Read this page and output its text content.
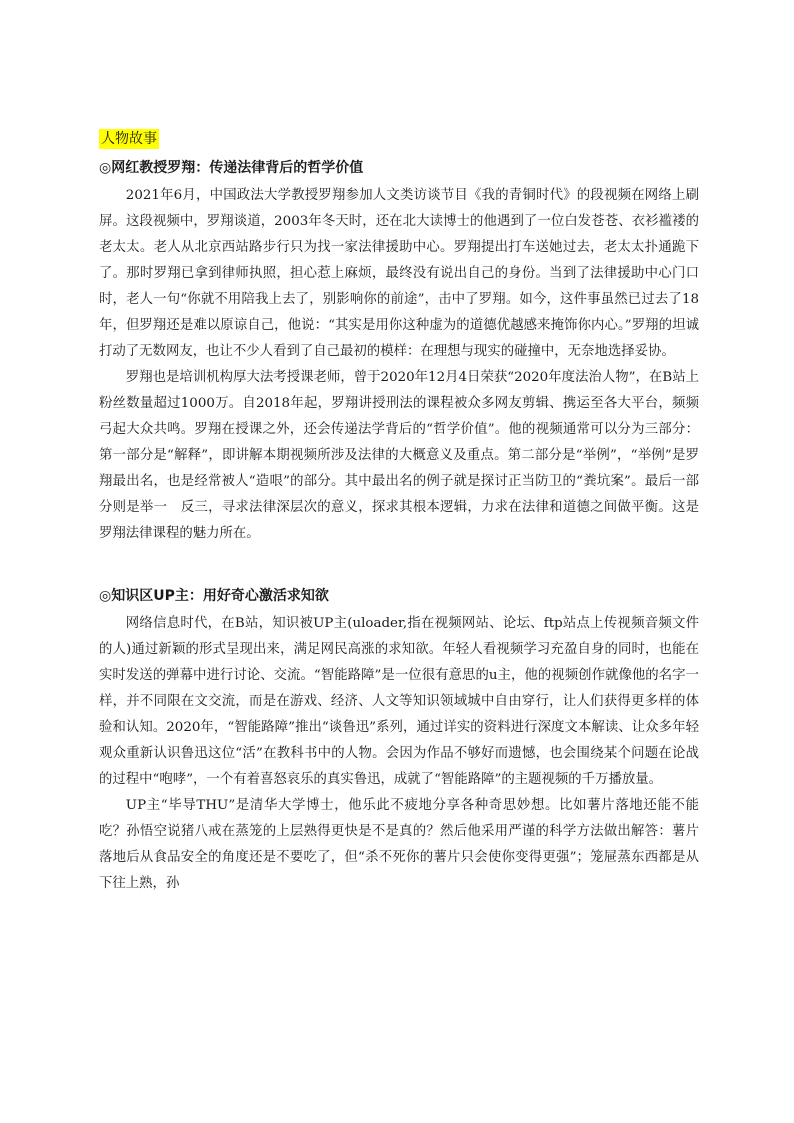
人物故事
◎网红教授罗翔：传递法律背后的哲学价值

2021年6月，中国政法大学教授罗翔参加人文类访谈节目《我的青铜时代》的段视频在网络上刷屏。这段视频中，罗翔谈道，2003年冬天时，还在北大读博士的他遇到了一位白发苍苍、衣衫褴褛的老太太。老人从北京西站路步行只为找一家法律援助中心。罗翔提出打车送她过去，老太太扑通跪下了。那时罗翔已拿到律师执照，担心惹上麻烦，最终没有说出自己的身份。当到了法律援助中心门口时，老人一句“你就不用陪我上去了，别影响你的前途”，击中了罗翔。如今，这件事虽然已过去了18年，但罗翔还是难以原谅自己，他说：“其实是用你这种虚为的道德优越感来掩饰你内心。”罗翔的坦诚打动了无数网友，也让不少人看到了自己最初的模样：在理想与现实的碰撞中，无奈地选择妥协。

罗翔也是培训机构厚大法考授课老师，曾于2020年12月4日荣获“2020年度法治人物”，在B站上粉丝数量超过1000万。自2018年起，罗翔讲授刑法的课程被众多网友剪辑、携运至各大平台，频频弓起大众共鸣。罗翔在授课之外，还会传递法学背后的“哲学价值”。他的视频通常可以分为三部分：第一部分是“解释”，即讲解本期视频所涉及法律的大概意义及重点。第二部分是“举例”，“举例”是罗翔最出名，也是经常被人“造哏”的部分。其中最出名的例子就是探讨正当防卫的“粪坑案”。最后一部分则是举一　反三，寻求法律深层次的意义，探求其根本逻辑，力求在法律和道德之间做平衡。这是罗翔法律课程的魅力所在。

◎知识区UP主：用好奇心激活求知欲

网络信息时代，在B站，知识被UP主(uloader,指在视频网站、论坛、ftp站点上传视频音频文件的人)通过新颖的形式呈现出来，满足网民高涨的求知欲。年轻人看视频学习充盈自身的同时，也能在实时发送的弹幕中进行讨论、交流。“智能路障”是一位很有意思的u主，他的视频创作就像他的名字一样，并不同限在文交流，而是在游戏、经济、人文等知识领域城中自由穿行，让人们获得更多样的体验和认知。2020年，“智能路障”推出“谈鲁迅”系列，通过详实的资料进行深度文本解读、让众多年轻观众重新认识鲁迅这位“活”在教科书中的人物。会因为作品不够好而遗憾，也会围绕某个问题在论战的过程中“咆哮”，一个有着喜怒哀乐的真实鲁迅，成就了“智能路障”的主题视频的千万播放量。

UP主“毕导THU”是清华大学博士，他乐此不疲地分享各种奇思妙想。比如薯片落地还能不能吃？孙悟空说猪八戒在蒸笼的上层熟得更快是不是真的？然后他采用严谨的科学方法做出解答：薯片落地后从食品安全的角度还是不要吃了，但“杀不死你的薯片只会使你变得更强”；笼屉蒸东西都是从下往上熟，孙
